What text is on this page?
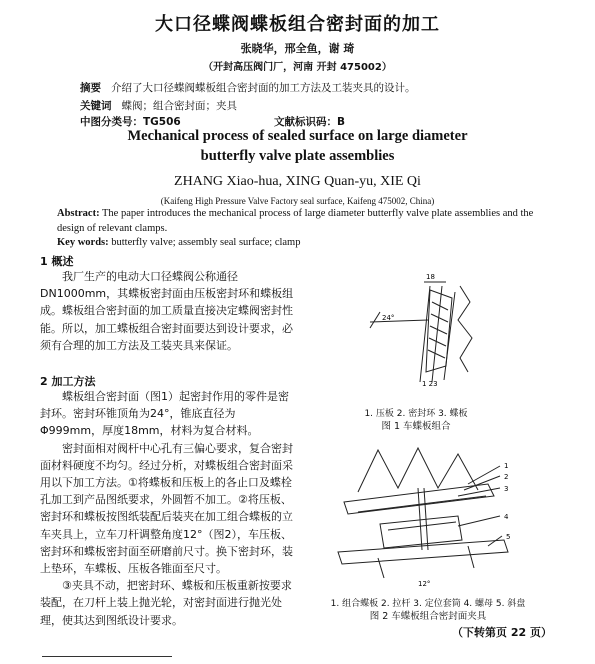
大口径蝶阀蝶板组合密封面的加工
张晓华，邢全鱼，谢 琦
（开封高压阀门厂，河南 开封 475002）
摘要 介绍了大口径蝶阀蝶板组合密封面的加工方法及工装夹具的设计。
关键词 蝶阀；组合密封面；夹具
中图分类号：TG506	文献标识码：B
Mechanical process of sealed surface on large diameter
butterfly valve plate assemblies
ZHANG Xiao-hua, XING Quan-yu, XIE Qi
(Kaifeng High Pressure Valve Factory seal surface, Kaifeng 475002, China)
Abstract: The paper introduces the mechanical process of large diameter butterfly valve plate assemblies and the design of relevant clamps.
Key words: butterfly valve; assembly seal surface; clamp
1 概述

我厂生产的电动大口径蝶阀公称通径DN1000mm，其蝶板密封面由压板密封环和蝶板组成。蝶板组合密封面的加工质量直接决定蝶阀密封性能。所以，加工蝶板组合密封面要达到设计要求，必须有合理的加工方法及工装夹具来保证。

2 加工方法

蝶板组合密封面（图1）起密封作用的零件是密封环。密封环锥顶角为24°，锥底直径为Φ999mm，厚度18mm，材料为复合材料。

密封面相对阀杆中心孔有三偏心要求，复合密封面材料硬度不均匀。经过分析，对蝶板组合密封面采用以下加工方法。①将蝶板和压板上的各止口及蝶栓孔加工到产品图纸要求，外圆暂不加工。②将压板、密封环和蝶板按图纸装配后装夹在加工组合蝶板的立车夹具上，立车刀杆调整角度12°（图2），车压板、密封环和蝶板密封面至研磨前尺寸。换下密封环，装上垫环，车蝶板、压板各锥面至尺寸。

③夹具不动，把密封环、蝶板和压板重新按要求装配，在刀杆上装上抛光轮，对密封面进行抛光处理，使其达到图纸设计要求。

18
24°
1 23
1. 压板 2. 密封环 3. 蝶板
图 1 车蝶板组合
1
2
3
4
5
12°
1. 组合蝶板 2. 拉杆 3. 定位套筒 4. 螺母 5. 斜盘
图 2 车蝶板组合密封面夹具
（下转第页 22 页）
